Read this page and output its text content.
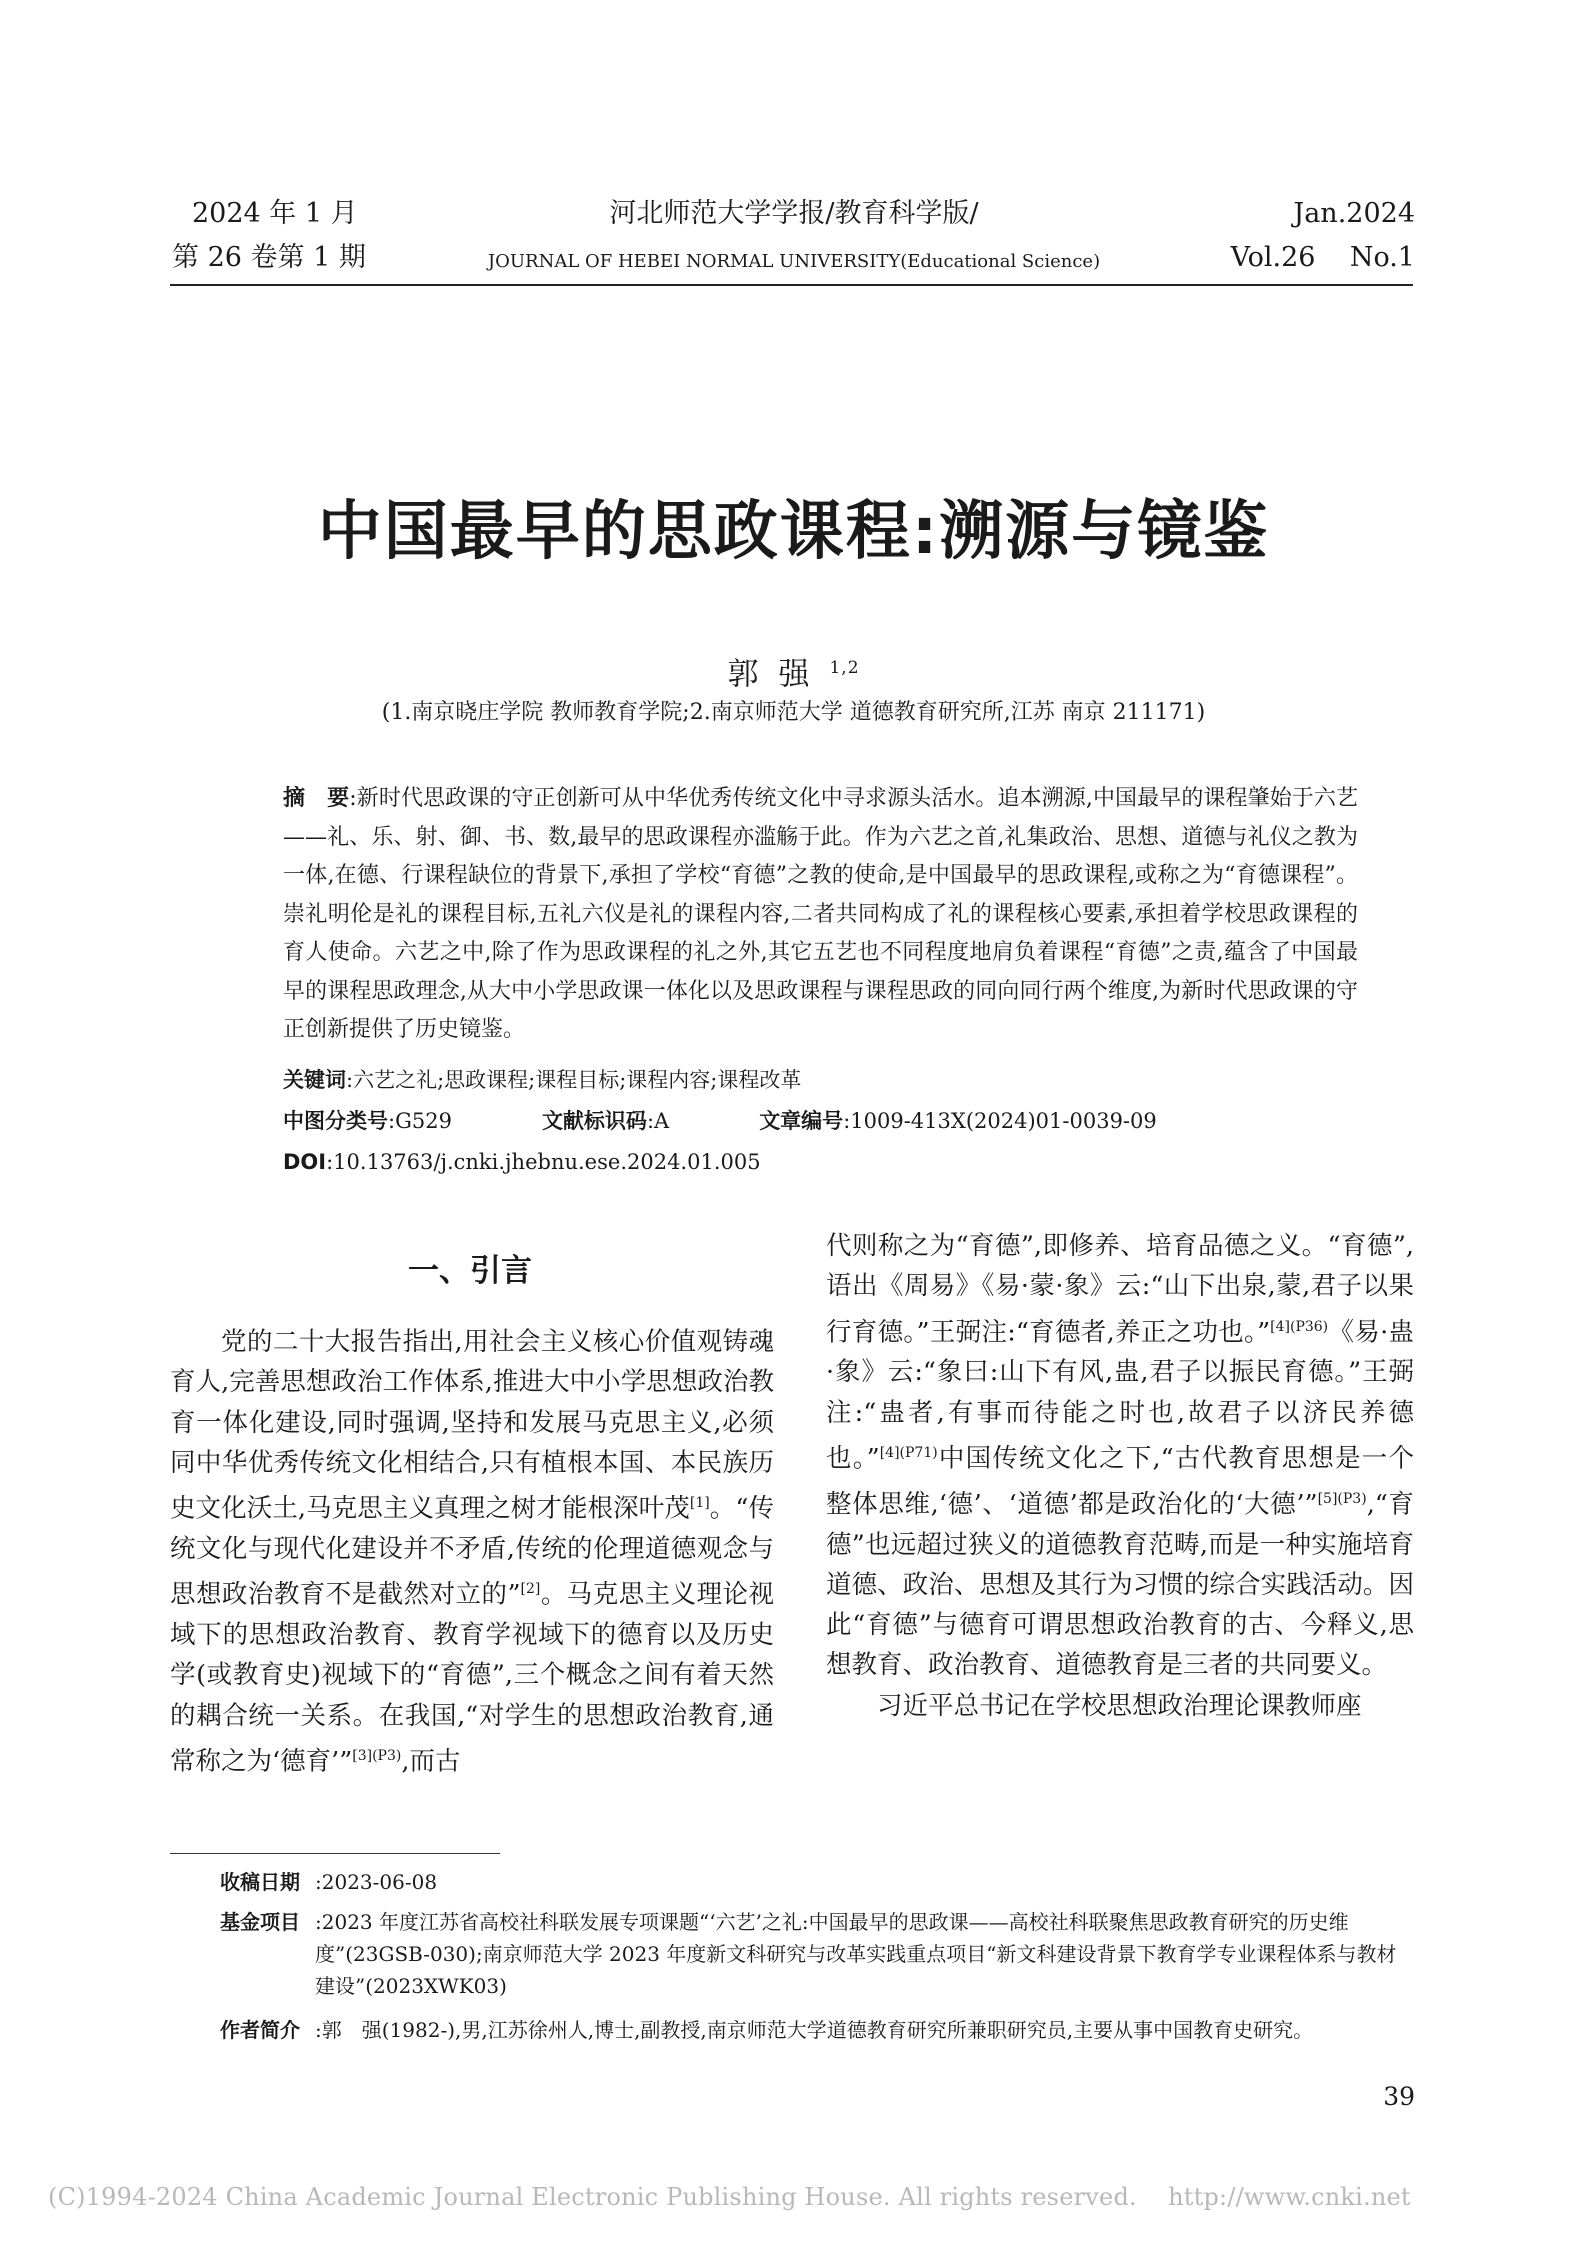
2024 年 1 月
第 26 卷第 1 期
河北师范大学学报/教育科学版/
JOURNAL OF HEBEI NORMAL UNIVERSITY(Educational Science)
Jan.2024
Vol.26    No.1
中国最早的思政课程:溯源与镜鉴
郭强$^{1,2}$
(1.南京晓庄学院 教师教育学院;2.南京师范大学 道德教育研究所,江苏 南京 211171)
摘　要:新时代思政课的守正创新可从中华优秀传统文化中寻求源头活水。追本溯源,中国最早的课程肇始于六艺——礼、乐、射、御、书、数,最早的思政课程亦滥觞于此。作为六艺之首,礼集政治、思想、道德与礼仪之教为一体,在德、行课程缺位的背景下,承担了学校“育德”之教的使命,是中国最早的思政课程,或称之为“育德课程”。崇礼明伦是礼的课程目标,五礼六仪是礼的课程内容,二者共同构成了礼的课程核心要素,承担着学校思政课程的育人使命。六艺之中,除了作为思政课程的礼之外,其它五艺也不同程度地肩负着课程“育德”之责,蕴含了中国最早的课程思政理念,从大中小学思政课一体化以及思政课程与课程思政的同向同行两个维度,为新时代思政课的守正创新提供了历史镜鉴。
关键词:六艺之礼;思政课程;课程目标;课程内容;课程改革
中图分类号:G529	文献标识码:A	文章编号:1009-413X(2024)01-0039-09
DOI:10.13763/j.cnki.jhebnu.ese.2024.01.005
一、引言

党的二十大报告指出,用社会主义核心价值观铸魂育人,完善思想政治工作体系,推进大中小学思想政治教育一体化建设,同时强调,坚持和发展马克思主义,必须同中华优秀传统文化相结合,只有植根本国、本民族历史文化沃土,马克思主义真理之树才能根深叶茂[1]。“传统文化与现代化建设并不矛盾,传统的伦理道德观念与思想政治教育不是截然对立的”[2]。马克思主义理论视域下的思想政治教育、教育学视域下的德育以及历史学(或教育史)视域下的“育德”,三个概念之间有着天然的耦合统一关系。在我国,“对学生的思想政治教育,通常称之为‘德育’”$^{[3](P3)}$,而古

代则称之为“育德”,即修养、培育品德之义。“育德”,语出《周易》《易·蒙·象》云:“山下出泉,蒙,君子以果行育德。”王弼注:“育德者,养正之功也。”$^{[4](P36)}$《易·蛊·象》云:“象曰:山下有风,蛊,君子以振民育德。”王弼注:“蛊者,有事而待能之时也,故君子以济民养德也。”$^{[4](P71)}$中国传统文化之下,“古代教育思想是一个整体思维,‘德’、‘道德’都是政治化的‘大德’”$^{[5](P3)}$,“育德”也远超过狭义的道德教育范畴,而是一种实施培育道德、政治、思想及其行为习惯的综合实践活动。因此“育德”与德育可谓思想政治教育的古、今释义,思想教育、政治教育、道德教育是三者的共同要义。

习近平总书记在学校思想政治理论课教师座

收稿日期 :2023-06-08
基金项目 :2023 年度江苏省高校社科联发展专项课题“‘六艺’之礼:中国最早的思政课——高校社科联聚焦思政教育研究的历史维度”(23GSB-030);南京师范大学 2023 年度新文科研究与改革实践重点项目“新文科建设背景下教育学专业课程体系与教材建设”(2023XWK03)
作者简介 :郭　强(1982-),男,江苏徐州人,博士,副教授,南京师范大学道德教育研究所兼职研究员,主要从事中国教育史研究。
39
(C)1994-2024 China Academic Journal Electronic Publishing House. All rights reserved.    http://www.cnki.net
